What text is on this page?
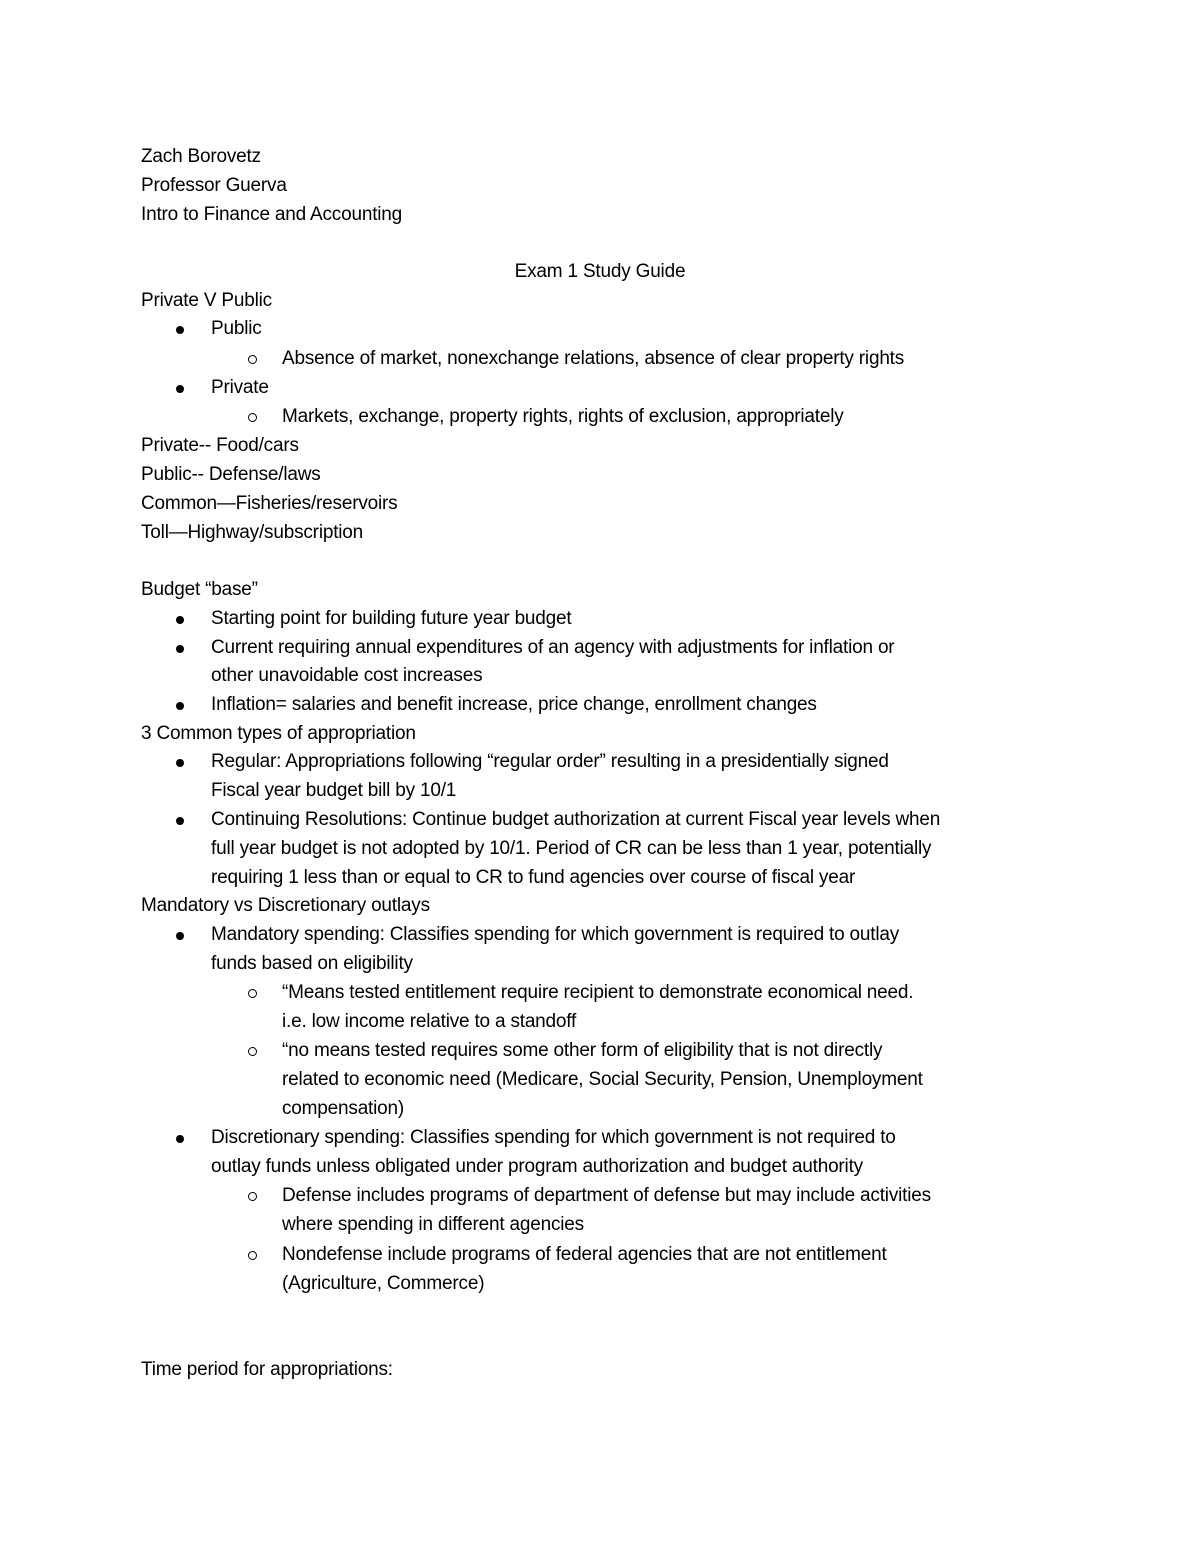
Zach Borovetz
Professor Guerva
Intro to Finance and Accounting
Exam 1 Study Guide
Private V Public
Public
Absence of market, nonexchange relations, absence of clear property rights
Private
Markets, exchange, property rights, rights of exclusion, appropriately
Private-- Food/cars
Public-- Defense/laws
Common—Fisheries/reservoirs
Toll—Highway/subscription
Budget “base”
Starting point for building future year budget
Current requiring annual expenditures of an agency with adjustments for inflation or
other unavoidable cost increases
Inflation= salaries and benefit increase, price change, enrollment changes
3 Common types of appropriation
Regular: Appropriations following “regular order” resulting in a presidentially signed
Fiscal year budget bill by 10/1
Continuing Resolutions: Continue budget authorization at current Fiscal year levels when
full year budget is not adopted by 10/1. Period of CR can be less than 1 year, potentially
requiring 1 less than or equal to CR to fund agencies over course of fiscal year
Mandatory vs Discretionary outlays
Mandatory spending: Classifies spending for which government is required to outlay
funds based on eligibility
“Means tested entitlement require recipient to demonstrate economical need.
i.e. low income relative to a standoff
“no means tested requires some other form of eligibility that is not directly
related to economic need (Medicare, Social Security, Pension, Unemployment
compensation)
Discretionary spending: Classifies spending for which government is not required to
outlay funds unless obligated under program authorization and budget authority
Defense includes programs of department of defense but may include activities
where spending in different agencies
Nondefense include programs of federal agencies that are not entitlement
(Agriculture, Commerce)
Time period for appropriations:
